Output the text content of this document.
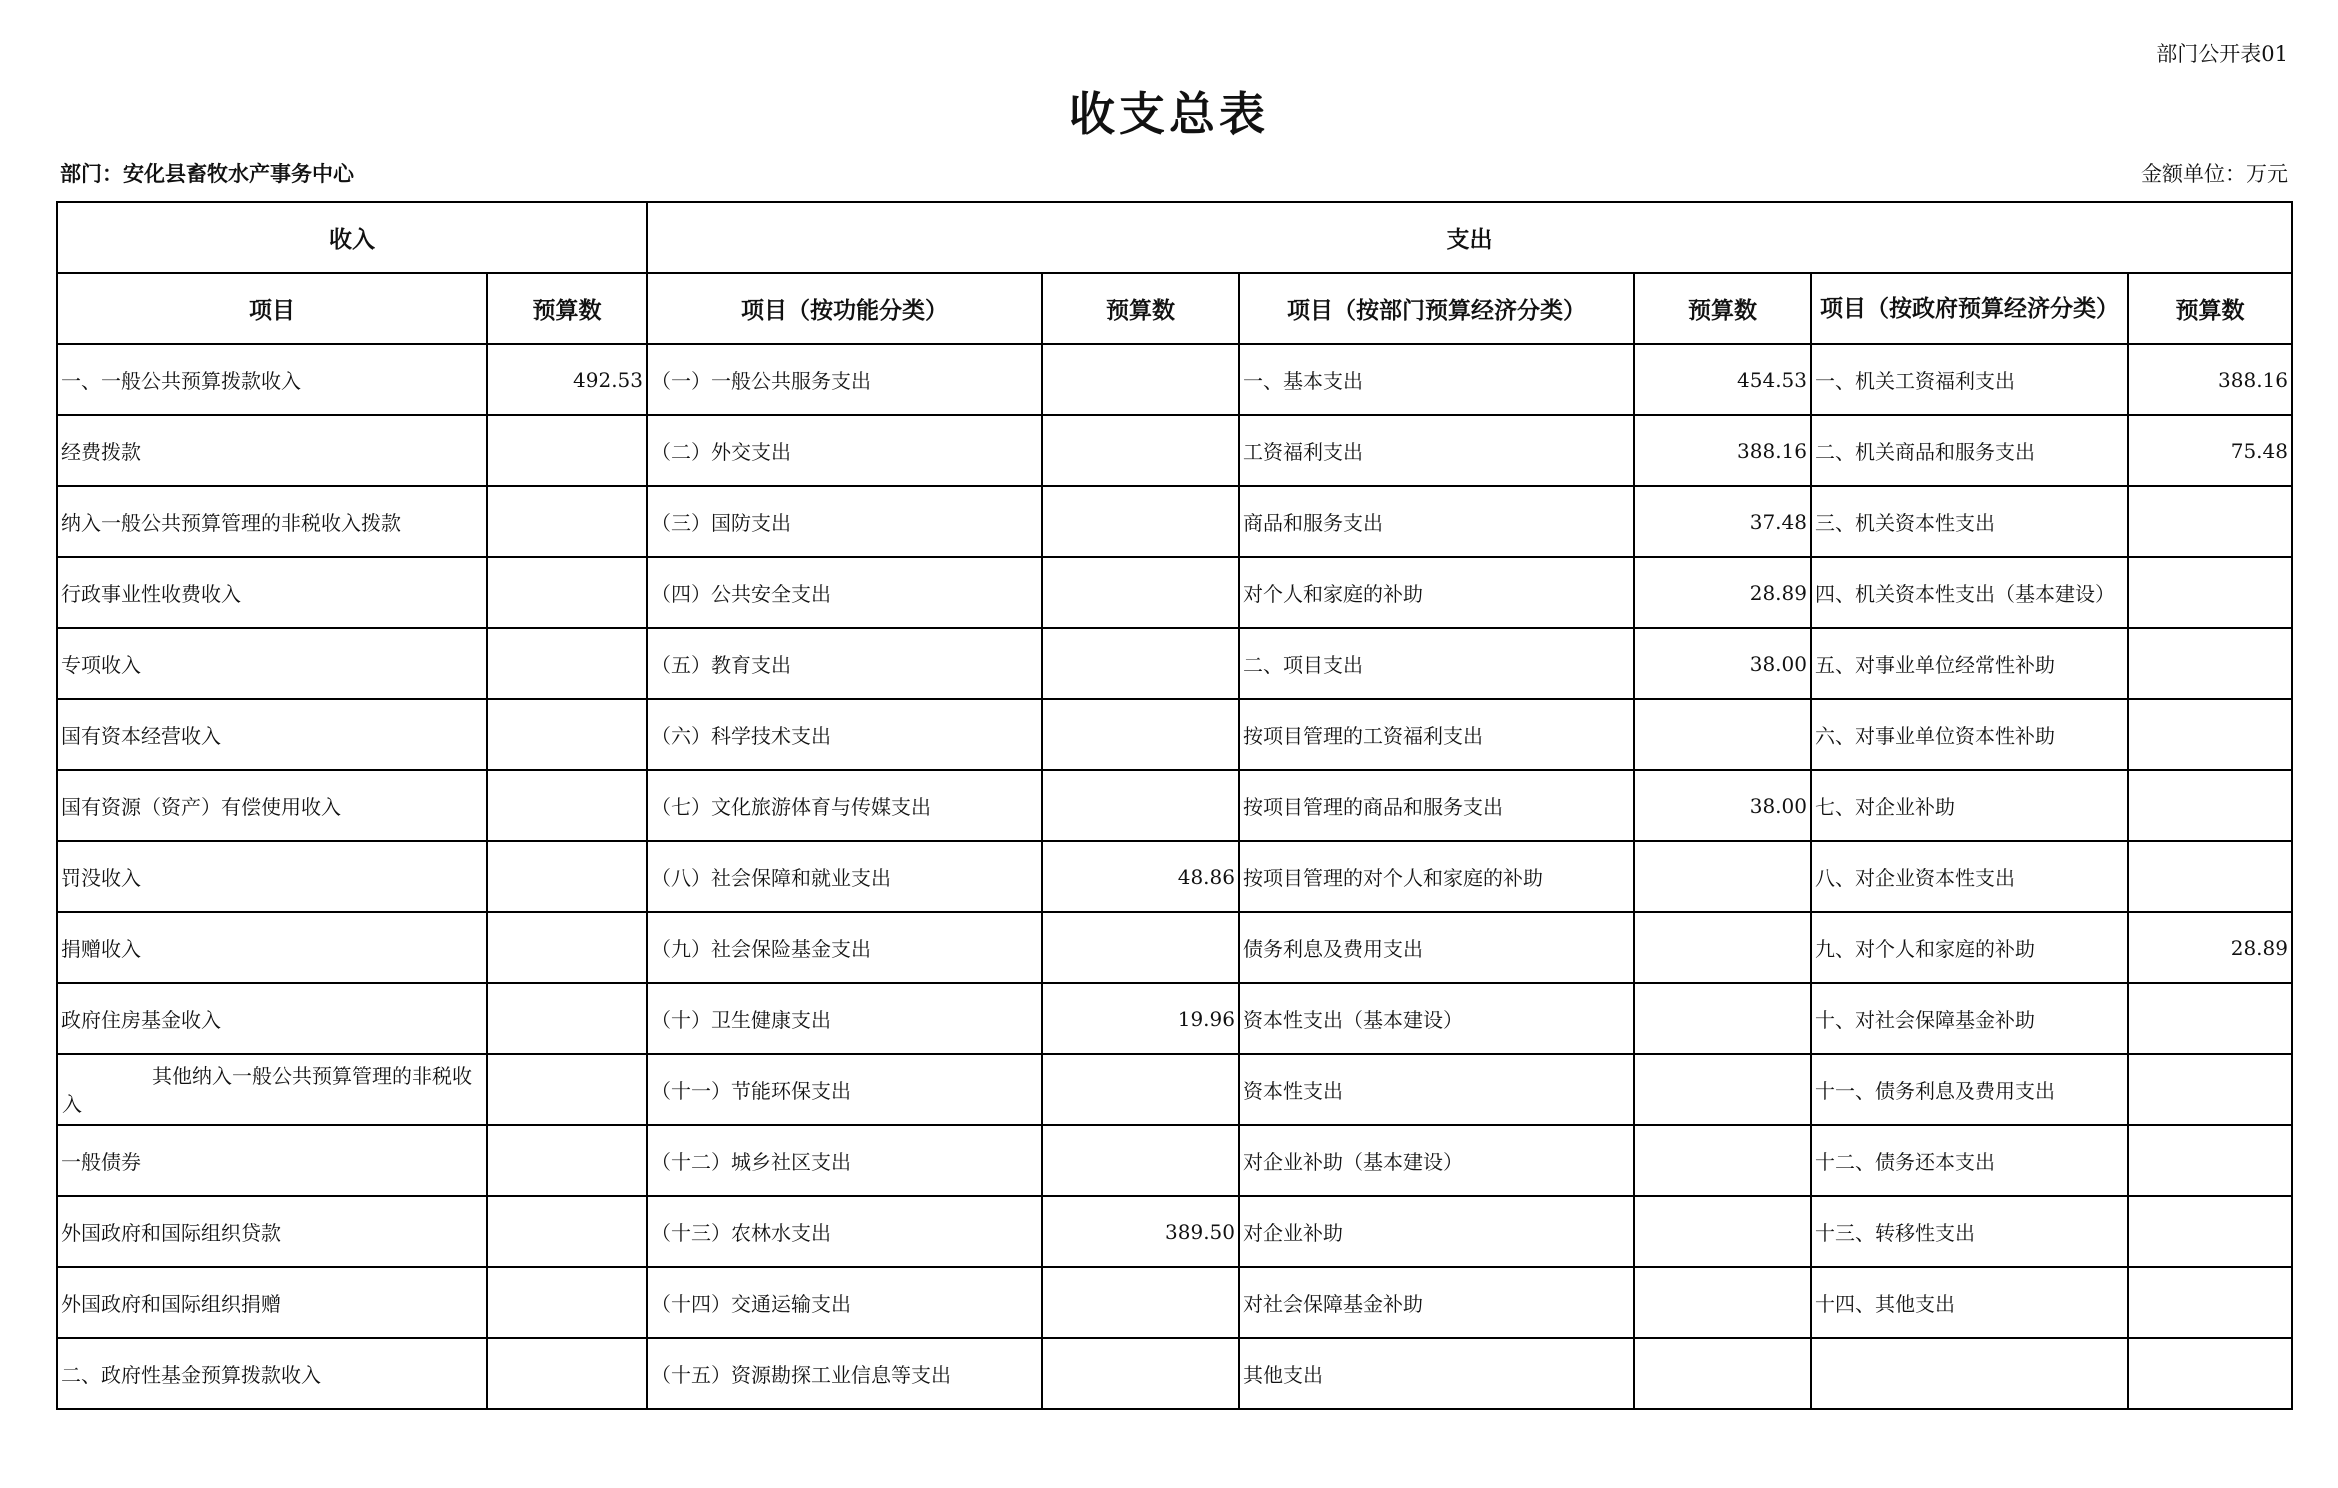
部门公开表01
收支总表
部门：安化县畜牧水产事务中心	金额单位：万元
收入		支出					
项目	预算数	项目（按功能分类）	预算数	项目（按部门预算经济分类）	预算数	项目（按政府预算经济分类）	预算数
一、一般公共预算拨款收入	492.53	（一）一般公共服务支出		一、基本支出	454.53	一、机关工资福利支出	388.16
经费拨款		（二）外交支出		工资福利支出	388.16	二、机关商品和服务支出	75.48
纳入一般公共预算管理的非税收入拨款		（三）国防支出		商品和服务支出	37.48	三、机关资本性支出	
行政事业性收费收入		（四）公共安全支出		对个人和家庭的补助	28.89	四、机关资本性支出（基本建设）	
专项收入		（五）教育支出		二、项目支出	38.00	五、对事业单位经常性补助	
国有资本经营收入		（六）科学技术支出		按项目管理的工资福利支出		六、对事业单位资本性补助	
国有资源（资产）有偿使用收入		（七）文化旅游体育与传媒支出		按项目管理的商品和服务支出	38.00	七、对企业补助	
罚没收入		（八）社会保障和就业支出	48.86	按项目管理的对个人和家庭的补助		八、对企业资本性支出	
捐赠收入		（九）社会保险基金支出		债务利息及费用支出		九、对个人和家庭的补助	28.89
政府住房基金收入		（十）卫生健康支出	19.96	资本性支出（基本建设）		十、对社会保障基金补助	
其他纳入一般公共预算管理的非税收入		（十一）节能环保支出		资本性支出		十一、债务利息及费用支出	
一般债券		（十二）城乡社区支出		对企业补助（基本建设）		十二、债务还本支出	
外国政府和国际组织贷款		（十三）农林水支出	389.50	对企业补助		十三、转移性支出	
外国政府和国际组织捐赠		（十四）交通运输支出		对社会保障基金补助		十四、其他支出	
二、政府性基金预算拨款收入		（十五）资源勘探工业信息等支出		其他支出			
